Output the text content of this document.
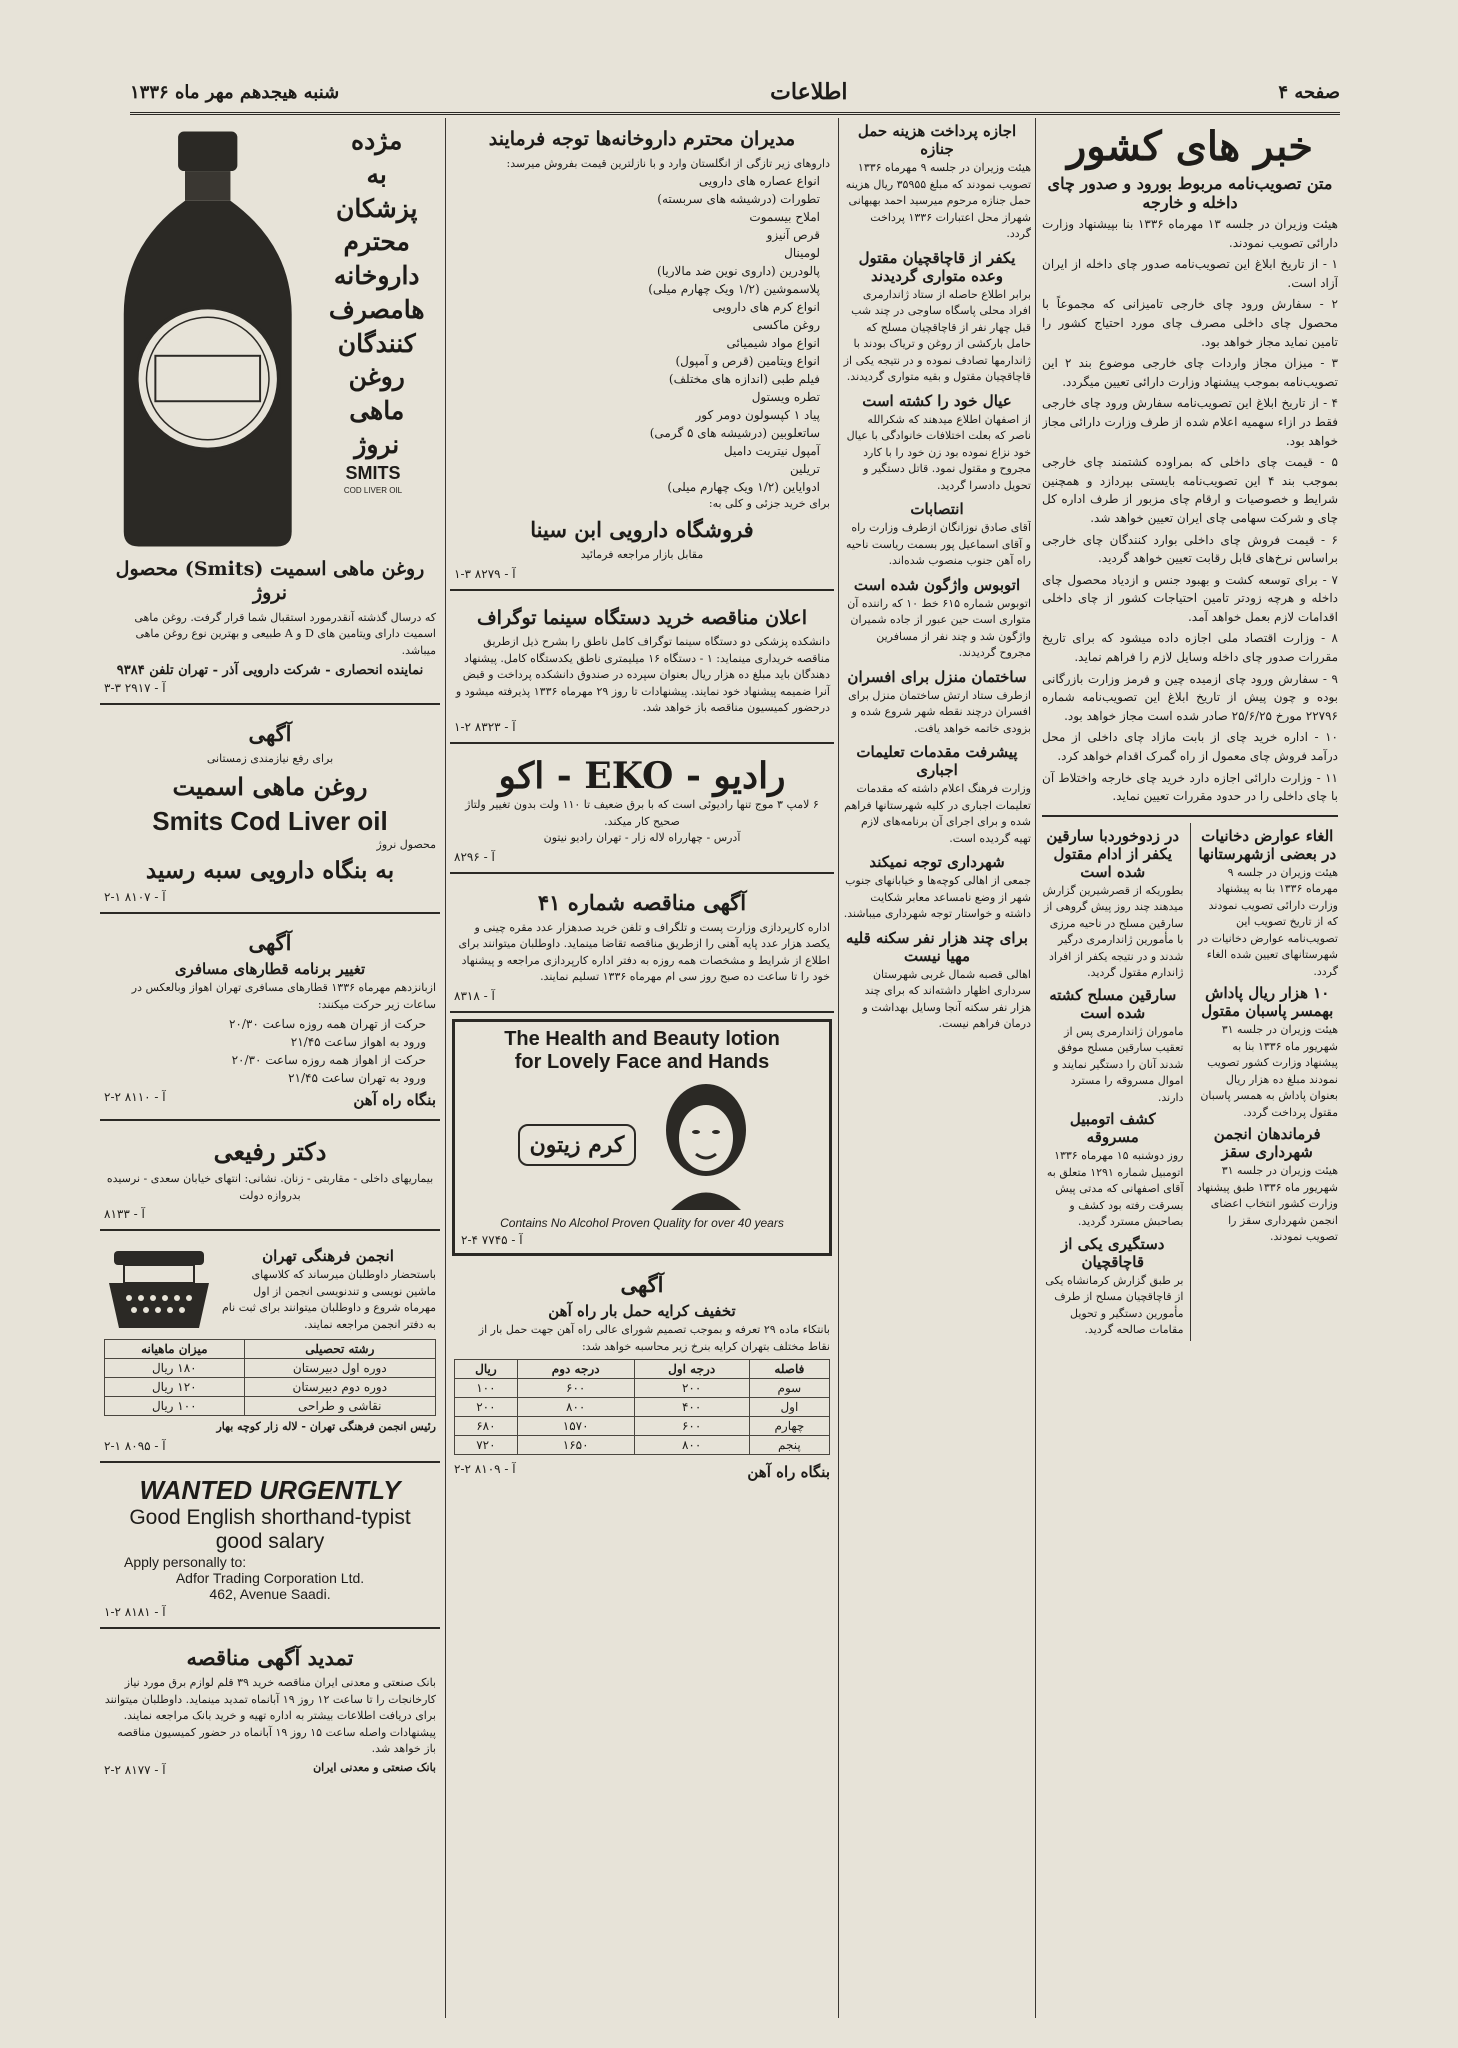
صفحه ۴
اطلاعات
شنبه هیجدهم مهر ماه ۱۳۳۶
خبر های کشور
متن تصویب‌نامه مربوط بورود و صدور چای داخله و خارجه

هیئت وزیران در جلسه ۱۳ مهرماه ۱۳۳۶ بنا بپیشنهاد وزارت دارائی تصویب نمودند.

۱ - از تاریخ ابلاغ این تصویب‌نامه صدور چای داخله از ایران آزاد است.

۲ - سفارش ورود چای خارجی تامیزانی که مجموعاً با محصول چای داخلی مصرف چای مورد احتیاج کشور را تامین نماید مجاز خواهد بود.

۳ - میزان مجاز واردات چای خارجی موضوع بند ۲ این تصویب‌نامه بموجب پیشنهاد وزارت دارائی تعیین میگردد.

۴ - از تاریخ ابلاغ این تصویب‌نامه سفارش ورود چای خارجی فقط در ازاء سهمیه اعلام شده از طرف وزارت دارائی مجاز خواهد بود.

۵ - قیمت چای داخلی که بمراوده کشتمند چای خارجی بموجب بند ۴ این تصویب‌نامه بایستی بپردازد و همچنین شرایط و خصوصیات و ارقام چای مزبور از طرف اداره کل چای و شرکت سهامی چای ایران تعیین خواهد شد.

۶ - قیمت فروش چای داخلی بوارد کنندگان چای خارجی براساس نرخ‌های قابل رقابت تعیین خواهد گردید.

۷ - برای توسعه کشت و بهبود جنس و ازدیاد محصول چای داخله و هرچه زودتر تامین احتیاجات کشور از چای داخلی اقدامات لازم بعمل خواهد آمد.

۸ - وزارت اقتصاد ملی اجازه داده میشود که برای تاریخ مقررات صدور چای داخله وسایل لازم را فراهم نماید.

۹ - سفارش ورود چای ازمیده چین و فرمز وزارت بازرگانی بوده و چون پیش از تاریخ ابلاغ این تصویب‌نامه شماره ۲۲۷۹۶ مورخ ۲۵/۶/۲۵ صادر شده است مجاز خواهد بود.

۱۰ - اداره خرید چای از بابت مازاد چای داخلی از محل درآمد فروش چای معمول از راه گمرک اقدام خواهد کرد.

۱۱ - وزارت دارائی اجازه دارد خرید چای خارجه واختلاط آن با چای داخلی را در حدود مقررات تعیین نماید.

الغاء عوارض دخانیات در بعضی ازشهرستانها

هیئت وزیران در جلسه ۹ مهرماه ۱۳۳۶ بنا به پیشنهاد وزارت دارائی تصویب نمودند که از تاریخ تصویب این تصویب‌نامه عوارض دخانیات در شهرستانهای تعیین شده الغاء گردد.

۱۰ هزار ریال پاداش بهمسر پاسبان مقتول

هیئت وزیران در جلسه ۳۱ شهریور ماه ۱۳۳۶ بنا به پیشنهاد وزارت کشور تصویب نمودند مبلغ ده هزار ریال بعنوان پاداش به همسر پاسبان مقتول پرداخت گردد.

فرماندهان انجمن شهرداری سقز

هیئت وزیران در جلسه ۳۱ شهریور ماه ۱۳۳۶ طبق پیشنهاد وزارت کشور انتخاب اعضای انجمن شهرداری سقز را تصویب نمودند.

در زدوخوردبا سارقین یکفر از ادام مقتول شده است

بطوریکه از قصرشیرین گزارش میدهند چند روز پیش گروهی از سارقین مسلح در ناحیه مرزی با مأمورین ژاندارمری درگیر شدند و در نتیجه یکفر از افراد ژاندارم مقتول گردید.

سارقین مسلح کشته شده است

ماموران ژاندارمری پس از تعقیب سارقین مسلح موفق شدند آنان را دستگیر نمایند و اموال مسروقه را مسترد دارند.

کشف اتومبیل مسروقه

روز دوشنبه ۱۵ مهرماه ۱۳۳۶ اتومبیل شماره ۱۲۹۱ متعلق به آقای اصفهانی که مدتی پیش بسرقت رفته بود کشف و بصاحبش مسترد گردید.

دستگیری یکی از قاچاقچیان

بر طبق گزارش کرمانشاه یکی از قاچاقچیان مسلح از طرف مأمورین دستگیر و تحویل مقامات صالحه گردید.

اجازه پرداخت هزینه حمل جنازه

هیئت وزیران در جلسه ۹ مهرماه ۱۳۳۶ تصویب نمودند که مبلغ ۳۵۹۵۵ ریال هزینه حمل جنازه مرحوم میرسید احمد بهبهانی شهراز محل اعتبارات ۱۳۳۶ پرداخت گردد.

یکفر از قاچاقچیان مقتول وعده متواری گردیدند

برابر اطلاع حاصله از ستاد ژاندارمری افراد محلی پاسگاه ساوجی در چند شب قبل چهار نفر از قاچاقچیان مسلح که حامل بارکشی از روغن و تریاک بودند با ژاندارمها تصادف نموده و در نتیجه یکی از قاچاقچیان مقتول و بقیه متواری گردیدند.

عیال خود را کشته است

از اصفهان اطلاع میدهند که شکرالله ناصر که بعلت اختلافات خانوادگی با عیال خود نزاع نموده بود زن خود را با کارد مجروح و مقتول نمود. قاتل دستگیر و تحویل دادسرا گردید.

انتصابات

آقای صادق نوزانگان ازطرف وزارت راه و آقای اسماعیل پور بسمت ریاست ناحیه راه آهن جنوب منصوب شده‌اند.

اتوبوس واژگون شده است

اتوبوس شماره ۶۱۵ خط ۱۰ که راننده آن متواری است حین عبور از جاده شمیران واژگون شد و چند نفر از مسافرین مجروح گردیدند.

ساختمان منزل برای افسران

ازطرف ستاد ارتش ساختمان منزل برای افسران درچند نقطه شهر شروع شده و بزودی خاتمه خواهد یافت.

پیشرفت مقدمات تعلیمات اجباری

وزارت فرهنگ اعلام داشته که مقدمات تعلیمات اجباری در کلیه شهرستانها فراهم شده و برای اجرای آن برنامه‌های لازم تهیه گردیده است.

شهرداری توجه نمیکند

جمعی از اهالی کوچه‌ها و خیابانهای جنوب شهر از وضع نامساعد معابر شکایت داشته و خواستار توجه شهرداری میباشند.

برای چند هزار نفر سکنه قلیه مهیا نیست

اهالی قصبه شمال غربی شهرستان سرداری اظهار داشته‌اند که برای چند هزار نفر سکنه آنجا وسایل بهداشت و درمان فراهم نیست.

مدیران محترم داروخانه‌ها توجه فرمایند
داروهای زیر تازگی از انگلستان وارد و با نازلترین قیمت بفروش میرسد:
انواع عصاره های دارویی
تطورات (درشیشه های سربسته)
املاح بیسموت
قرص آنیزو
لومینال
پالودرین (داروی نوین ضد مالاریا)
پلاسموشین (۱/۲ ویک چهارم میلی)
انواع کرم های دارویی
روغن ماکسی
انواع مواد شیمیائی
انواع ویتامین (قرص و آمپول)
فیلم طبی (اندازه های مختلف)
تطره ویستول
پیاد ۱ کپسولون دومر کور
ساتعلوبین (درشیشه های ۵ گرمی)
آمپول نیتریت دامیل
تریلین
ادوایاین (۱/۲ ویک چهارم میلی)
برای خرید جزئی و کلی به:
فروشگاه دارویی ابن سینا
مقابل بازار مراجعه فرمائید
آ - ۸۲۷۹ ۳-۱
اعلان مناقصه خرید دستگاه سینما توگراف

دانشکده پزشکی دو دستگاه سینما توگراف کامل ناطق را بشرح ذیل ازطریق مناقصه خریداری مینماید: ۱ - دستگاه ۱۶ میلیمتری ناطق یکدستگاه کامل. پیشنهاد دهندگان باید مبلغ ده هزار ریال بعنوان سپرده در صندوق دانشکده پرداخت و قبض آنرا ضمیمه پیشنهاد خود نمایند. پیشنهادات تا روز ۲۹ مهرماه ۱۳۳۶ پذیرفته میشود و درحضور کمیسیون مناقصه باز خواهد شد.

آ - ۸۳۲۳ ۲-۱
رادیو - EKO - اکو
۶ لامپ ۳ موج تنها رادیوئی است که با برق ضعیف تا ۱۱۰ ولت بدون تغییر ولتاژ صحیح کار میکند.
آدرس - چهارراه لاله زار - تهران رادیو نیتون
آ - ۸۲۹۶
آگهی مناقصه شماره ۴۱

اداره کارپردازی وزارت پست و تلگراف و تلفن خرید صدهزار عدد مقره چینی و یکصد هزار عدد پایه آهنی را ازطریق مناقصه تقاضا مینماید. داوطلبان میتوانند برای اطلاع از شرایط و مشخصات همه روزه به دفتر اداره کارپردازی مراجعه و پیشنهاد خود را تا ساعت ده صبح روز سی ام مهرماه ۱۳۳۶ تسلیم نمایند.

آ - ۸۳۱۸
The Health and Beauty lotion
for Lovely Face and Hands
کرم زیتون
Contains No Alcohol Proven Quality for over 40 years
آ - ۷۷۴۵ ۴-۲
آگهی
تخفیف کرایه حمل بار راه آهن

بانتکاء ماده ۲۹ تعرفه و بموجب تصمیم شورای عالی راه آهن جهت حمل بار از نقاط مختلف بتهران کرایه بنرخ زیر محاسبه خواهد شد:

فاصله	درجه اول	درجه دوم	ریال
سوم	۲۰۰	۶۰۰	۱۰۰
اول	۴۰۰	۸۰۰	۲۰۰
چهارم	۶۰۰	۱۵۷۰	۶۸۰
پنجم	۸۰۰	۱۶۵۰	۷۲۰
بنگاه راه آهن
آ - ۸۱۰۹ ۲-۲
مژده
به
پزشکان
محترم
داروخانه
هامصرف
کنندگان
روغن
ماهی
نروژ
SMITS
COD LIVER OIL
روغن ماهی اسمیت (Smits) محصول نروژ

که درسال گذشته آنقدرمورد استقبال شما قرار گرفت. روغن ماهی اسمیت دارای ویتامین های D و A طبیعی و بهترین نوع روغن ماهی میباشد.

نماینده انحصاری - شرکت دارویی آذر - تهران تلفن ۹۳۸۴
آ - ۲۹۱۷ ۳-۳
آگهی
برای رفع نیازمندی زمستانی
روغن ماهی اسمیت
Smits Cod Liver oil
محصول نروژ
به بنگاه دارویی سبه رسید
آ - ۸۱۰۷ ۱-۲
آگهی
تغییر برنامه قطارهای مسافری

ازبانزدهم مهرماه ۱۳۳۶ قطارهای مسافری تهران اهواز وبالعکس در ساعات زیر حرکت میکنند:

حرکت از تهران همه روزه ساعت ۲۰/۳۰
ورود به اهواز ساعت ۲۱/۴۵
حرکت از اهواز همه روزه ساعت ۲۰/۳۰
ورود به تهران ساعت ۲۱/۴۵
بنگاه راه آهن
آ - ۸۱۱۰ ۲-۲
دکتر رفیعی

بیماریهای داخلی - مقاربتی - زنان. نشانی: انتهای خیابان سعدی - نرسیده بدروازه دولت

آ - ۸۱۳۳
انجمن فرهنگی تهران

باستحضار داوطلبان میرساند که کلاسهای ماشین نویسی و تندنویسی انجمن از اول مهرماه شروع و داوطلبان میتوانند برای ثبت نام به دفتر انجمن مراجعه نمایند.

رشته تحصیلی	میزان ماهیانه
دوره اول دبیرستان	۱۸۰ ریال
دوره دوم دبیرستان	۱۲۰ ریال
نقاشی و طراحی	۱۰۰ ریال
رئیس انجمن فرهنگی تهران - لاله زار کوچه بهار
آ - ۸۰۹۵ ۱-۲
WANTED URGENTLY
Good English shorthand-typist
good salary
Apply personally to:
Adfor Trading Corporation Ltd.
462, Avenue Saadi.
آ - ۸۱۸۱ ۲-۱
تمدید آگهی مناقصه

بانک صنعتی و معدنی ایران مناقصه خرید ۳۹ قلم لوازم برق مورد نیاز کارخانجات را تا ساعت ۱۲ روز ۱۹ آبانماه تمدید مینماید. داوطلبان میتوانند برای دریافت اطلاعات بیشتر به اداره تهیه و خرید بانک مراجعه نمایند. پیشنهادات واصله ساعت ۱۵ روز ۱۹ آبانماه در حضور کمیسیون مناقصه باز خواهد شد.

بانک صنعتی و معدنی ایران
آ - ۸۱۷۷ ۲-۲
